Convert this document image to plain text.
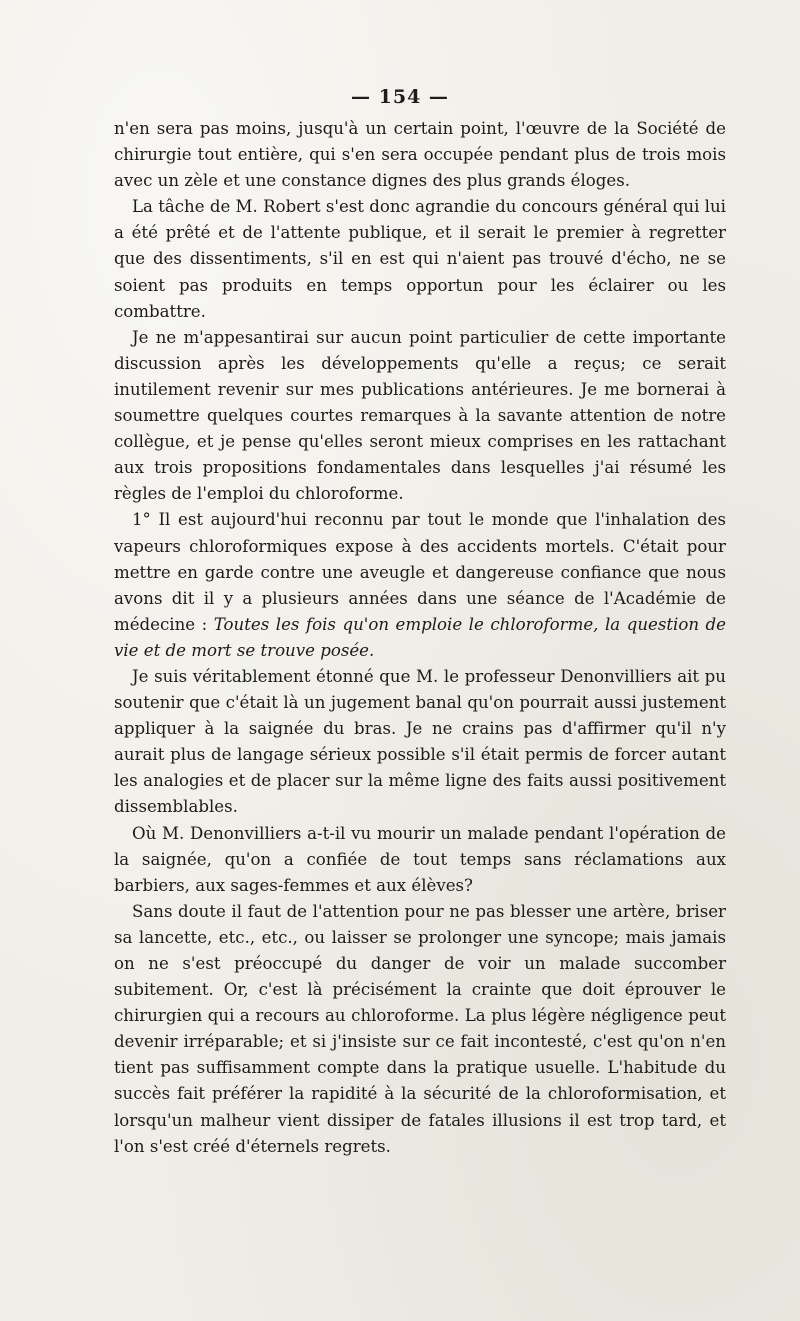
— 154 —

n'en sera pas moins, jusqu'à un certain point, l'œuvre de la Société de chirurgie tout entière, qui s'en sera occupée pendant plus de trois mois avec un zèle et une constance dignes des plus grands éloges.

La tâche de M. Robert s'est donc agrandie du concours général qui lui a été prêté et de l'attente publique, et il serait le premier à regretter que des dissentiments, s'il en est qui n'aient pas trouvé d'écho, ne se soient pas produits en temps opportun pour les éclairer ou les combattre.

Je ne m'appesantirai sur aucun point particulier de cette importante discussion après les développements qu'elle a reçus; ce serait inutilement revenir sur mes publications antérieures. Je me bornerai à soumettre quelques courtes remarques à la savante attention de notre collègue, et je pense qu'elles seront mieux comprises en les rattachant aux trois propositions fondamentales dans lesquelles j'ai résumé les règles de l'emploi du chloroforme.

1° Il est aujourd'hui reconnu par tout le monde que l'inhalation des vapeurs chloroformiques expose à des accidents mortels. C'était pour mettre en garde contre une aveugle et dangereuse confiance que nous avons dit il y a plusieurs années dans une séance de l'Académie de médecine : Toutes les fois qu'on emploie le chloroforme, la question de vie et de mort se trouve posée.

Je suis véritablement étonné que M. le professeur Denonvilliers ait pu soutenir que c'était là un jugement banal qu'on pourrait aussi justement appliquer à la saignée du bras. Je ne crains pas d'affirmer qu'il n'y aurait plus de langage sérieux possible s'il était permis de forcer autant les analogies et de placer sur la même ligne des faits aussi positivement dissemblables.

Où M. Denonvilliers a-t-il vu mourir un malade pendant l'opération de la saignée, qu'on a confiée de tout temps sans réclamations aux barbiers, aux sages-femmes et aux élèves?

Sans doute il faut de l'attention pour ne pas blesser une artère, briser sa lancette, etc., etc., ou laisser se prolonger une syncope; mais jamais on ne s'est préoccupé du danger de voir un malade succomber subitement. Or, c'est là précisément la crainte que doit éprouver le chirurgien qui a recours au chloroforme. La plus légère négligence peut devenir irréparable; et si j'insiste sur ce fait incontesté, c'est qu'on n'en tient pas suffisamment compte dans la pratique usuelle. L'habitude du succès fait préférer la rapidité à la sécurité de la chloroformisation, et lorsqu'un malheur vient dissiper de fatales illusions il est trop tard, et l'on s'est créé d'éternels regrets.
